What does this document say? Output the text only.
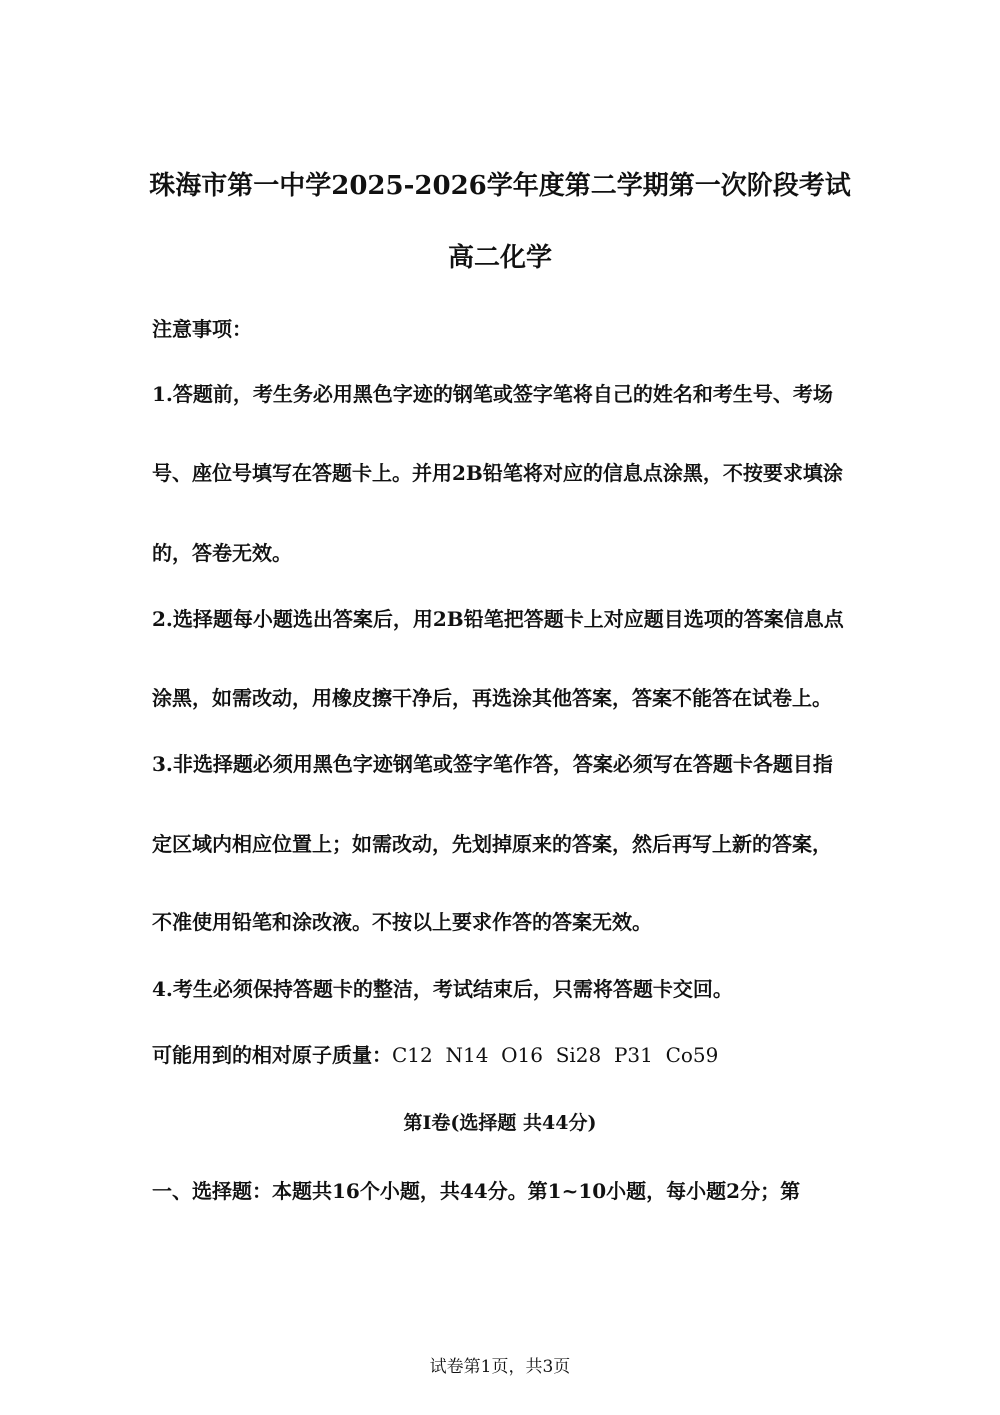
珠海市第一中学2025-2026学年度第二学期第一次阶段考试
高二化学
注意事项：
1.答题前，考生务必用黑色字迹的钢笔或签字笔将自己的姓名和考生号、考场
号、座位号填写在答题卡上。并用2B铅笔将对应的信息点涂黑，不按要求填涂
的，答卷无效。
2.选择题每小题选出答案后，用2B铅笔把答题卡上对应题目选项的答案信息点
涂黑，如需改动，用橡皮擦干净后，再选涂其他答案，答案不能答在试卷上。
3.非选择题必须用黑色字迹钢笔或签字笔作答，答案必须写在答题卡各题目指
定区域内相应位置上；如需改动，先划掉原来的答案，然后再写上新的答案，
不准使用铅笔和涂改液。不按以上要求作答的答案无效。
4.考生必须保持答题卡的整洁，考试结束后，只需将答题卡交回。
可能用到的相对原子质量：C12  N14  O16  Si28  P31  Co59
第Ⅰ卷(选择题 共44分)
一、选择题：本题共16个小题，共44分。第1~10小题，每小题2分；第
试卷第1页，共3页
